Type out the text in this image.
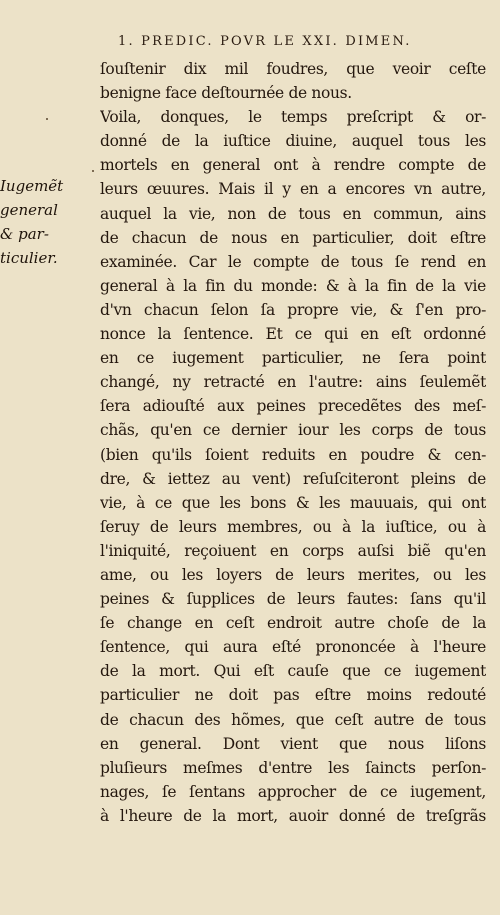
1. PREDIC. POVR LE XXI. DIMEN.
Iugemẽt
general
& par-
ticulier.
ſouſtenir dix mil foudres, que veoir ceſte
benigne face deſtournée de nous.
Voila, donques, le temps preſcript & or-
donné de la iuſtice diuine, auquel tous les
mortels en general ont à rendre compte de
leurs œuures. Mais il y en a encores vn autre,
auquel la vie, non de tous en commun, ains
de chacun de nous en particulier, doit eſtre
examinée. Car le compte de tous ſe rend en
general à la fin du monde: & à la fin de la vie
d'vn chacun ſelon ſa propre vie, & ſ'en pro-
nonce la ſentence. Et ce qui en eſt ordonné
en ce iugement particulier, ne ſera point
changé, ny retracté en l'autre: ains ſeulemẽt
ſera adiouſté aux peines precedẽtes des meſ-
chãs, qu'en ce dernier iour les corps de tous
(bien qu'ils ſoient reduits en poudre & cen-
dre, & iettez au vent) reſuſciteront pleins de
vie, à ce que les bons & les mauuais, qui ont
ſeruy de leurs membres, ou à la iuſtice, ou à
l'iniquité, reçoiuent en corps auſsi biẽ qu'en
ame, ou les loyers de leurs merites, ou les
peines & ſupplices de leurs fautes: ſans qu'il
ſe change en ceſt endroit autre choſe de la
ſentence, qui aura eſté prononcée à l'heure
de la mort. Qui eſt cauſe que ce iugement
particulier ne doit pas eſtre moins redouté
de chacun des hõmes, que ceſt autre de tous
en general. Dont vient que nous liſons
pluſieurs meſmes d'entre les ſaincts perſon-
nages, ſe ſentans approcher de ce iugement,
à l'heure de la mort, auoir donné de treſgrãs
